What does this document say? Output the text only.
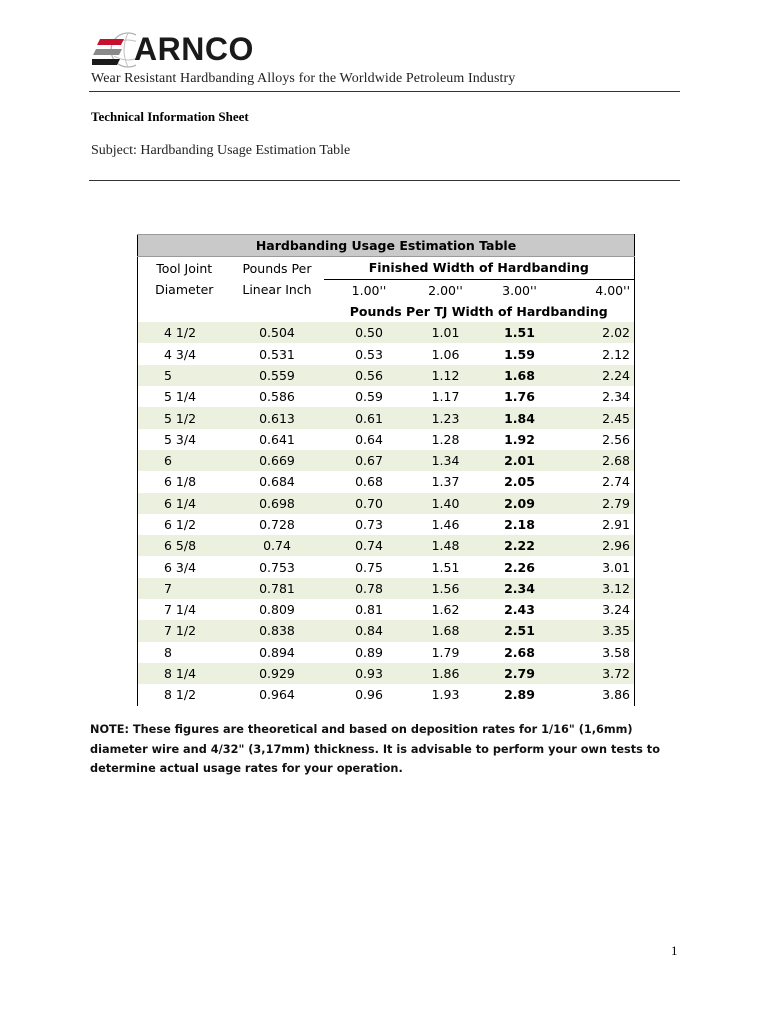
ARNCO
Wear Resistant Hardbanding Alloys for the Worldwide Petroleum Industry
Technical Information Sheet
Subject: Hardbanding Usage Estimation Table
Hardbanding Usage Estimation Table					
Tool Joint	Pounds Per	Finished Width of Hardbanding			
Diameter	Linear Inch	1.00''	2.00''	3.00''	4.00''
		Pounds Per TJ Width of Hardbanding			
4 1/2	0.504	0.50	1.01	1.51	2.02
4 3/4	0.531	0.53	1.06	1.59	2.12
5	0.559	0.56	1.12	1.68	2.24
5 1/4	0.586	0.59	1.17	1.76	2.34
5 1/2	0.613	0.61	1.23	1.84	2.45
5 3/4	0.641	0.64	1.28	1.92	2.56
6	0.669	0.67	1.34	2.01	2.68
6 1/8	0.684	0.68	1.37	2.05	2.74
6 1/4	0.698	0.70	1.40	2.09	2.79
6 1/2	0.728	0.73	1.46	2.18	2.91
6 5/8	0.74	0.74	1.48	2.22	2.96
6 3/4	0.753	0.75	1.51	2.26	3.01
7	0.781	0.78	1.56	2.34	3.12
7 1/4	0.809	0.81	1.62	2.43	3.24
7 1/2	0.838	0.84	1.68	2.51	3.35
8	0.894	0.89	1.79	2.68	3.58
8 1/4	0.929	0.93	1.86	2.79	3.72
8 1/2	0.964	0.96	1.93	2.89	3.86
NOTE: These figures are theoretical and based on deposition rates for 1/16" (1,6mm) diameter wire and 4/32" (3,17mm) thickness. It is advisable to perform your own tests to determine actual usage rates for your operation.
1
